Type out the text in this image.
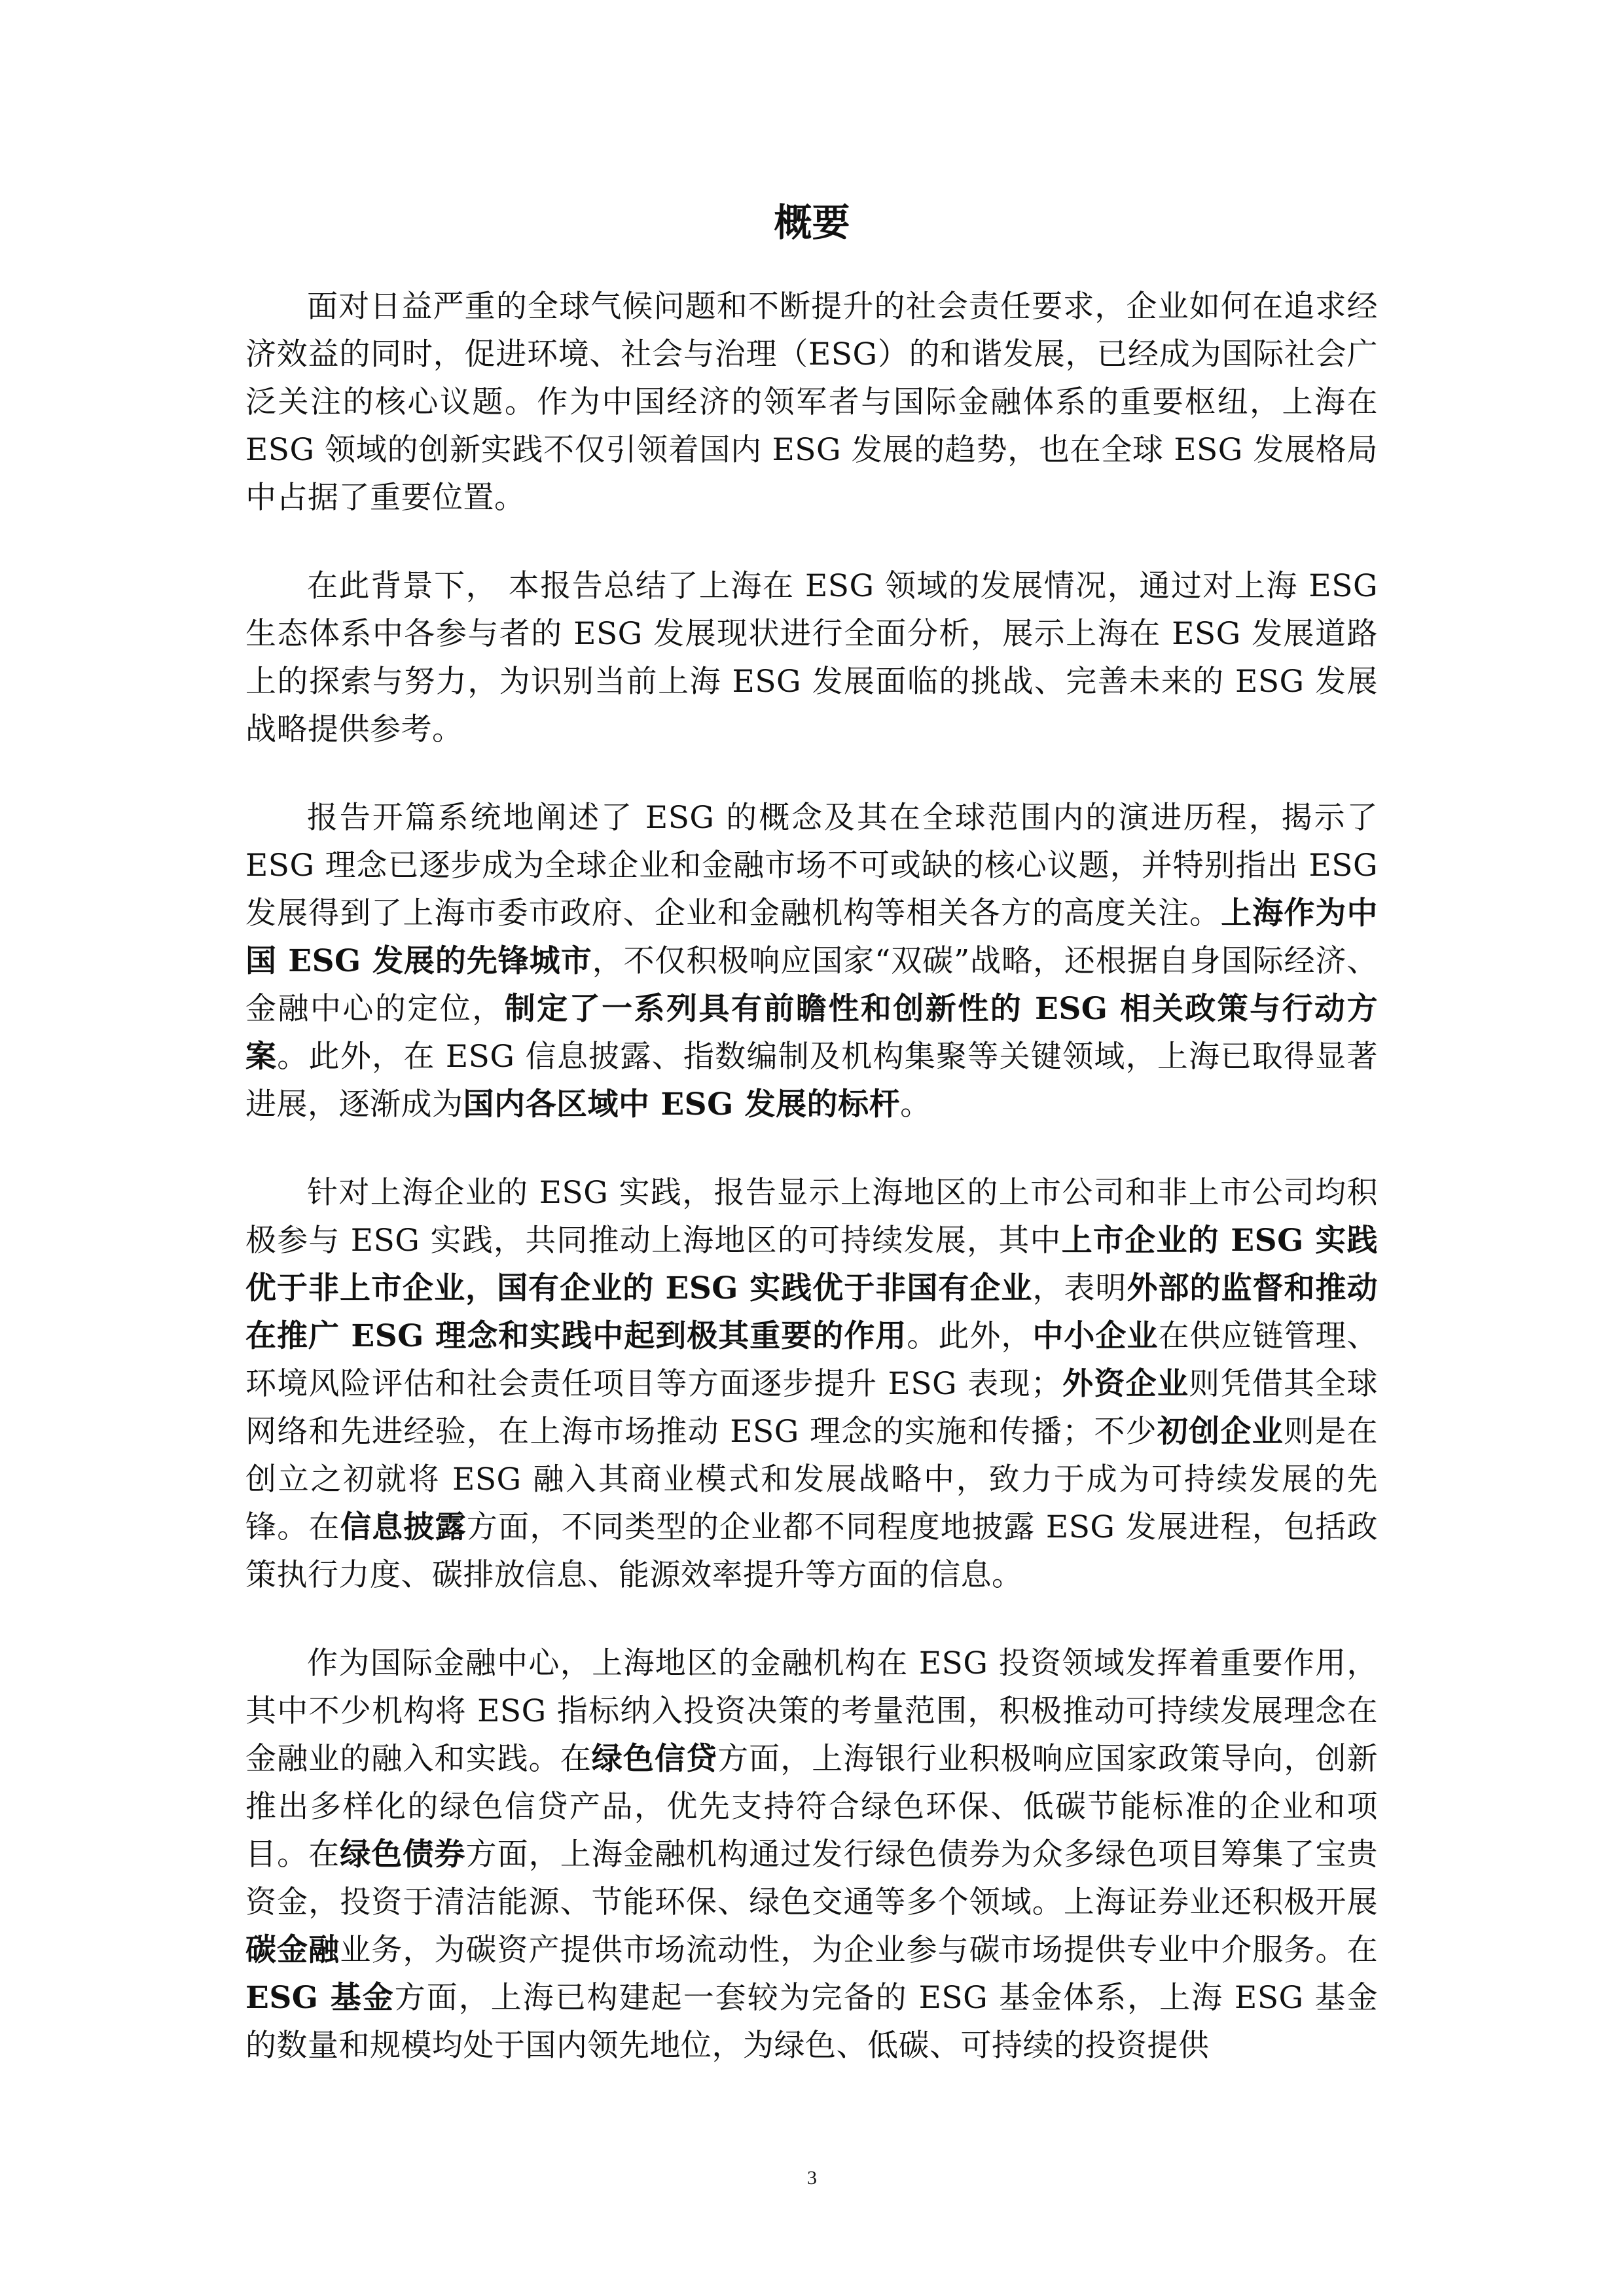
概要

面对日益严重的全球气候问题和不断提升的社会责任要求，企业如何在追求经济效益的同时，促进环境、社会与治理（ESG）的和谐发展，已经成为国际社会广泛关注的核心议题。作为中国经济的领军者与国际金融体系的重要枢纽，上海在 ESG 领域的创新实践不仅引领着国内 ESG 发展的趋势，也在全球 ESG 发展格局中占据了重要位置。

在此背景下， 本报告总结了上海在 ESG 领域的发展情况，通过对上海 ESG 生态体系中各参与者的 ESG 发展现状进行全面分析，展示上海在 ESG 发展道路上的探索与努力，为识别当前上海 ESG 发展面临的挑战、完善未来的 ESG 发展战略提供参考。

报告开篇系统地阐述了 ESG 的概念及其在全球范围内的演进历程，揭示了 ESG 理念已逐步成为全球企业和金融市场不可或缺的核心议题，并特别指出 ESG 发展得到了上海市委市政府、企业和金融机构等相关各方的高度关注。上海作为中国 ESG 发展的先锋城市，不仅积极响应国家“双碳”战略，还根据自身国际经济、金融中心的定位，制定了一系列具有前瞻性和创新性的 ESG 相关政策与行动方案。此外，在 ESG 信息披露、指数编制及机构集聚等关键领域，上海已取得显著进展，逐渐成为国内各区域中 ESG 发展的标杆。

针对上海企业的 ESG 实践，报告显示上海地区的上市公司和非上市公司均积极参与 ESG 实践，共同推动上海地区的可持续发展，其中上市企业的 ESG 实践优于非上市企业，国有企业的 ESG 实践优于非国有企业，表明外部的监督和推动在推广 ESG 理念和实践中起到极其重要的作用。此外，中小企业在供应链管理、环境风险评估和社会责任项目等方面逐步提升 ESG 表现；外资企业则凭借其全球网络和先进经验，在上海市场推动 ESG 理念的实施和传播；不少初创企业则是在创立之初就将 ESG 融入其商业模式和发展战略中，致力于成为可持续发展的先锋。在信息披露方面，不同类型的企业都不同程度地披露 ESG 发展进程，包括政策执行力度、碳排放信息、能源效率提升等方面的信息。

作为国际金融中心，上海地区的金融机构在 ESG 投资领域发挥着重要作用，其中不少机构将 ESG 指标纳入投资决策的考量范围，积极推动可持续发展理念在金融业的融入和实践。在绿色信贷方面，上海银行业积极响应国家政策导向，创新推出多样化的绿色信贷产品，优先支持符合绿色环保、低碳节能标准的企业和项目。在绿色债券方面，上海金融机构通过发行绿色债券为众多绿色项目筹集了宝贵资金，投资于清洁能源、节能环保、绿色交通等多个领域。上海证券业还积极开展碳金融业务，为碳资产提供市场流动性，为企业参与碳市场提供专业中介服务。在 ESG 基金方面，上海已构建起一套较为完备的 ESG 基金体系，上海 ESG 基金的数量和规模均处于国内领先地位，为绿色、低碳、可持续的投资提供

3
